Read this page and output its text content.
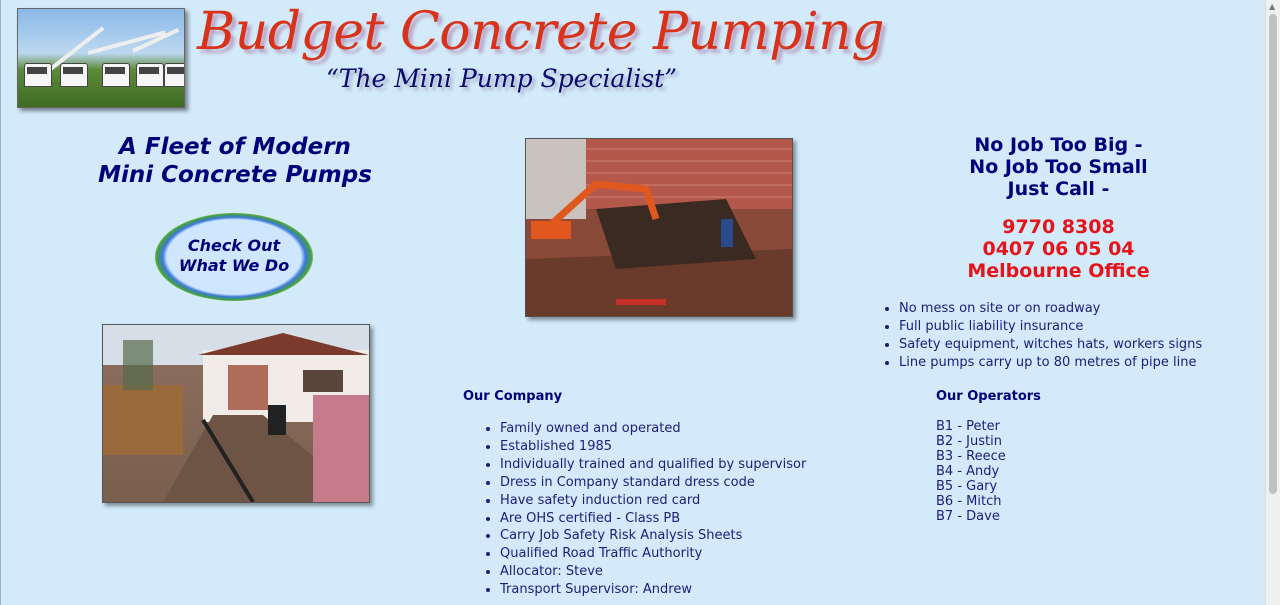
Budget Concrete Pumping
“The Mini Pump Specialist”
A Fleet of Modern
Mini Concrete Pumps
Check Out
What We Do
Our Company
• Family owned and operated
• Established 1985
• Individually trained and qualified by supervisor
• Dress in Company standard dress code
• Have safety induction red card
• Are OHS certified - Class PB
• Carry Job Safety Risk Analysis Sheets
• Qualified Road Traffic Authority
• Allocator: Steve
• Transport Supervisor: Andrew
No Job Too Big -
No Job Too Small
Just Call -
9770 8308
0407 06 05 04
Melbourne Office
• No mess on site or on roadway
• Full public liability insurance
• Safety equipment, witches hats, workers signs
• Line pumps carry up to 80 metres of pipe line
Our Operators
B1 - Peter
B2 - Justin
B3 - Reece
B4 - Andy
B5 - Gary
B6 - Mitch
B7 - Dave
▲
